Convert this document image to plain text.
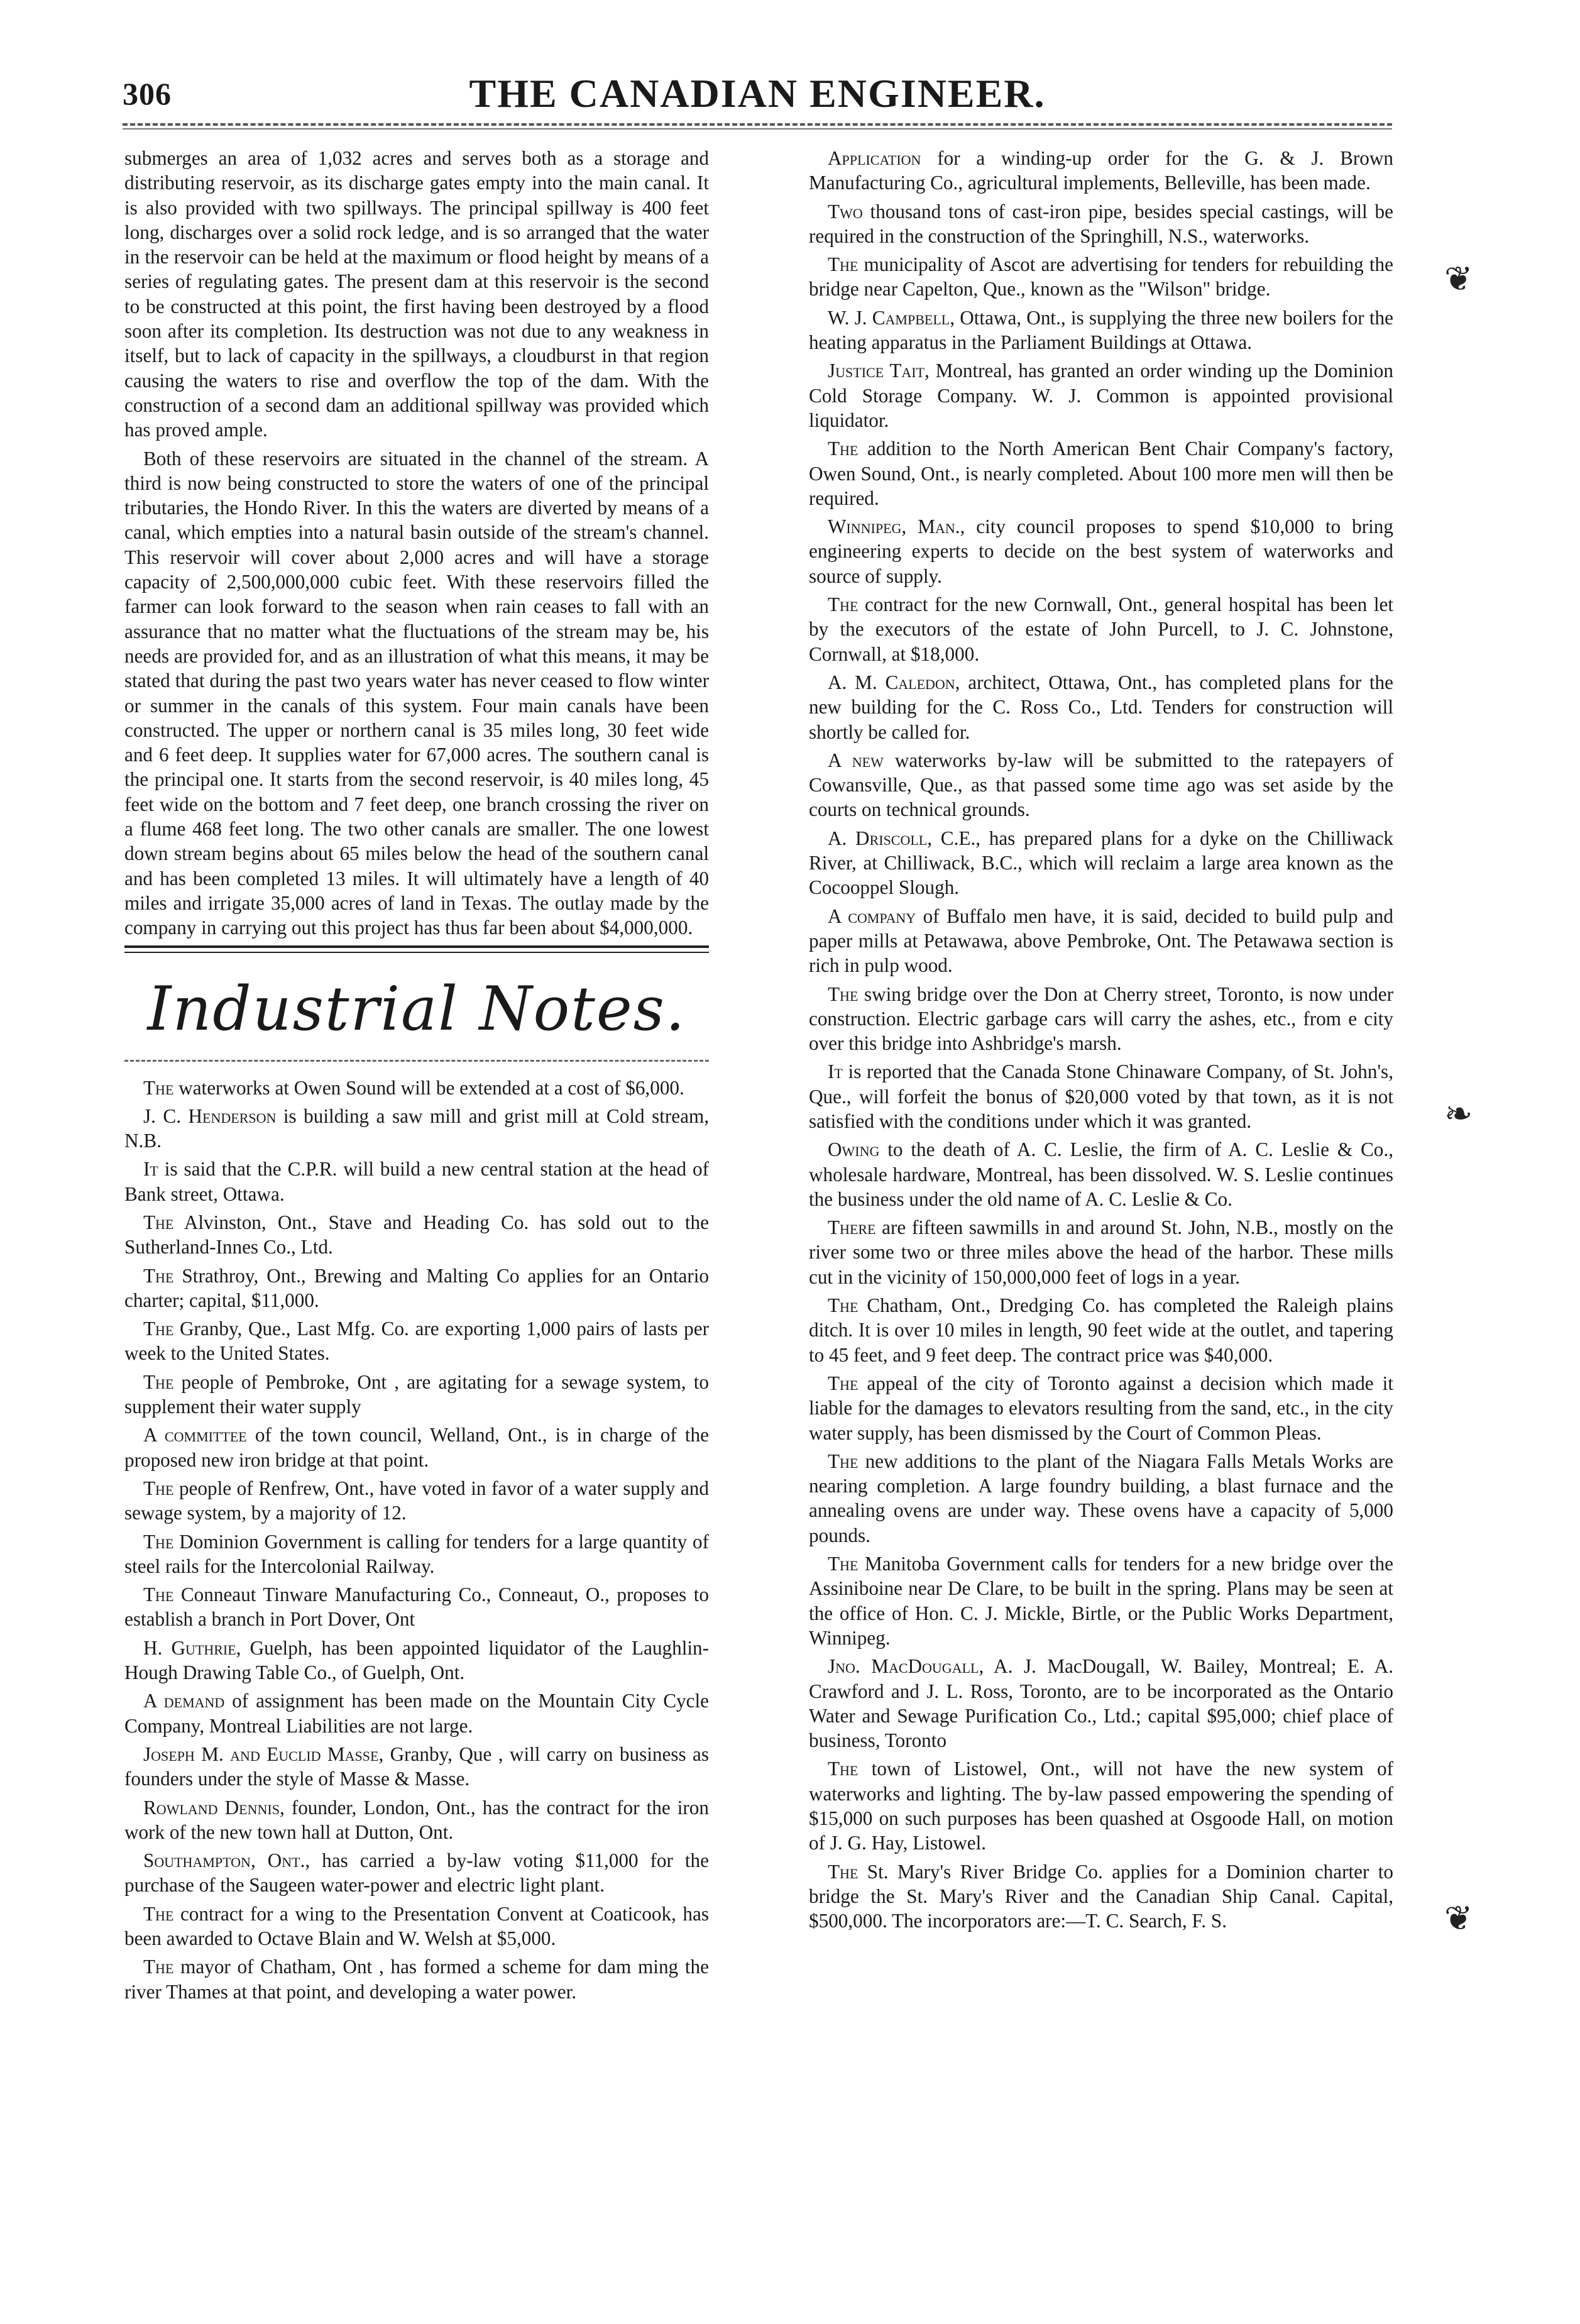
306	THE CANADIAN ENGINEER.

submerges an area of 1,032 acres and serves both as a storage and distributing reservoir, as its discharge gates empty into the main canal. It is also provided with two spillways. The principal spillway is 400 feet long, discharges over a solid rock ledge, and is so arranged that the water in the reservoir can be held at the maximum or flood height by means of a series of regulating gates. The present dam at this reservoir is the second to be constructed at this point, the first having been destroyed by a flood soon after its completion. Its destruction was not due to any weakness in itself, but to lack of capacity in the spillways, a cloudburst in that region causing the waters to rise and overflow the top of the dam. With the construction of a second dam an additional spillway was provided which has proved ample.

Both of these reservoirs are situated in the channel of the stream. A third is now being constructed to store the waters of one of the principal tributaries, the Hondo River. In this the waters are diverted by means of a canal, which empties into a natural basin outside of the stream's channel. This reservoir will cover about 2,000 acres and will have a storage capacity of 2,500,000,000 cubic feet. With these reservoirs filled the farmer can look forward to the season when rain ceases to fall with an assurance that no matter what the fluctuations of the stream may be, his needs are provided for, and as an illustration of what this means, it may be stated that during the past two years water has never ceased to flow winter or summer in the canals of this system. Four main canals have been constructed. The upper or northern canal is 35 miles long, 30 feet wide and 6 feet deep. It supplies water for 67,000 acres. The southern canal is the principal one. It starts from the second reservoir, is 40 miles long, 45 feet wide on the bottom and 7 feet deep, one branch crossing the river on a flume 468 feet long. The two other canals are smaller. The one lowest down stream begins about 65 miles below the head of the southern canal and has been completed 13 miles. It will ultimately have a length of 40 miles and irrigate 35,000 acres of land in Texas. The outlay made by the company in carrying out this project has thus far been about $4,000,000.

Industrial Notes.

The waterworks at Owen Sound will be extended at a cost of $6,000.

J. C. Henderson is building a saw mill and grist mill at Cold stream, N.B.

It is said that the C.P.R. will build a new central station at the head of Bank street, Ottawa.

The Alvinston, Ont., Stave and Heading Co. has sold out to the Sutherland-Innes Co., Ltd.

The Strathroy, Ont., Brewing and Malting Co applies for an Ontario charter; capital, $11,000.

The Granby, Que., Last Mfg. Co. are exporting 1,000 pairs of lasts per week to the United States.

The people of Pembroke, Ont , are agitating for a sewage system, to supplement their water supply

A committee of the town council, Welland, Ont., is in charge of the proposed new iron bridge at that point.

The people of Renfrew, Ont., have voted in favor of a water supply and sewage system, by a majority of 12.

The Dominion Government is calling for tenders for a large quantity of steel rails for the Intercolonial Railway.

The Conneaut Tinware Manufacturing Co., Conneaut, O., proposes to establish a branch in Port Dover, Ont

H. Guthrie, Guelph, has been appointed liquidator of the Laughlin-Hough Drawing Table Co., of Guelph, Ont.

A demand of assignment has been made on the Mountain City Cycle Company, Montreal Liabilities are not large.

Joseph M. and Euclid Masse, Granby, Que , will carry on business as founders under the style of Masse & Masse.

Rowland Dennis, founder, London, Ont., has the contract for the iron work of the new town hall at Dutton, Ont.

Southampton, Ont., has carried a by-law voting $11,000 for the purchase of the Saugeen water-power and electric light plant.

The contract for a wing to the Presentation Convent at Coaticook, has been awarded to Octave Blain and W. Welsh at $5,000.

The mayor of Chatham, Ont , has formed a scheme for dam ming the river Thames at that point, and developing a water power.

Application for a winding-up order for the G. & J. Brown Manufacturing Co., agricultural implements, Belleville, has been made.

Two thousand tons of cast-iron pipe, besides special castings, will be required in the construction of the Springhill, N.S., waterworks.

The municipality of Ascot are advertising for tenders for rebuilding the bridge near Capelton, Que., known as the "Wilson" bridge.

W. J. Campbell, Ottawa, Ont., is supplying the three new boilers for the heating apparatus in the Parliament Buildings at Ottawa.

Justice Tait, Montreal, has granted an order winding up the Dominion Cold Storage Company. W. J. Common is appointed provisional liquidator.

The addition to the North American Bent Chair Company's factory, Owen Sound, Ont., is nearly completed. About 100 more men will then be required.

Winnipeg, Man., city council proposes to spend $10,000 to bring engineering experts to decide on the best system of waterworks and source of supply.

The contract for the new Cornwall, Ont., general hospital has been let by the executors of the estate of John Purcell, to J. C. Johnstone, Cornwall, at $18,000.

A. M. Caledon, architect, Ottawa, Ont., has completed plans for the new building for the C. Ross Co., Ltd. Tenders for construction will shortly be called for.

A new waterworks by-law will be submitted to the ratepayers of Cowansville, Que., as that passed some time ago was set aside by the courts on technical grounds.

A. Driscoll, C.E., has prepared plans for a dyke on the Chilliwack River, at Chilliwack, B.C., which will reclaim a large area known as the Cocooppel Slough.

A company of Buffalo men have, it is said, decided to build pulp and paper mills at Petawawa, above Pembroke, Ont. The Petawawa section is rich in pulp wood.

The swing bridge over the Don at Cherry street, Toronto, is now under construction. Electric garbage cars will carry the ashes, etc., from e city over this bridge into Ashbridge's marsh.

It is reported that the Canada Stone Chinaware Company, of St. John's, Que., will forfeit the bonus of $20,000 voted by that town, as it is not satisfied with the conditions under which it was granted.

Owing to the death of A. C. Leslie, the firm of A. C. Leslie & Co., wholesale hardware, Montreal, has been dissolved. W. S. Leslie continues the business under the old name of A. C. Leslie & Co.

There are fifteen sawmills in and around St. John, N.B., mostly on the river some two or three miles above the head of the harbor. These mills cut in the vicinity of 150,000,000 feet of logs in a year.

The Chatham, Ont., Dredging Co. has completed the Raleigh plains ditch. It is over 10 miles in length, 90 feet wide at the outlet, and tapering to 45 feet, and 9 feet deep. The contract price was $40,000.

The appeal of the city of Toronto against a decision which made it liable for the damages to elevators resulting from the sand, etc., in the city water supply, has been dismissed by the Court of Common Pleas.

The new additions to the plant of the Niagara Falls Metals Works are nearing completion. A large foundry building, a blast furnace and the annealing ovens are under way. These ovens have a capacity of 5,000 pounds.

The Manitoba Government calls for tenders for a new bridge over the Assiniboine near De Clare, to be built in the spring. Plans may be seen at the office of Hon. C. J. Mickle, Birtle, or the Public Works Department, Winnipeg.

Jno. MacDougall, A. J. MacDougall, W. Bailey, Montreal; E. A. Crawford and J. L. Ross, Toronto, are to be incorporated as the Ontario Water and Sewage Purification Co., Ltd.; capital $95,000; chief place of business, Toronto

The town of Listowel, Ont., will not have the new system of waterworks and lighting. The by-law passed empowering the spending of $15,000 on such purposes has been quashed at Osgoode Hall, on motion of J. G. Hay, Listowel.

The St. Mary's River Bridge Co. applies for a Dominion charter to bridge the St. Mary's River and the Canadian Ship Canal. Capital, $500,000. The incorporators are:—T. C. Search, F. S.

❦
❧
❦
